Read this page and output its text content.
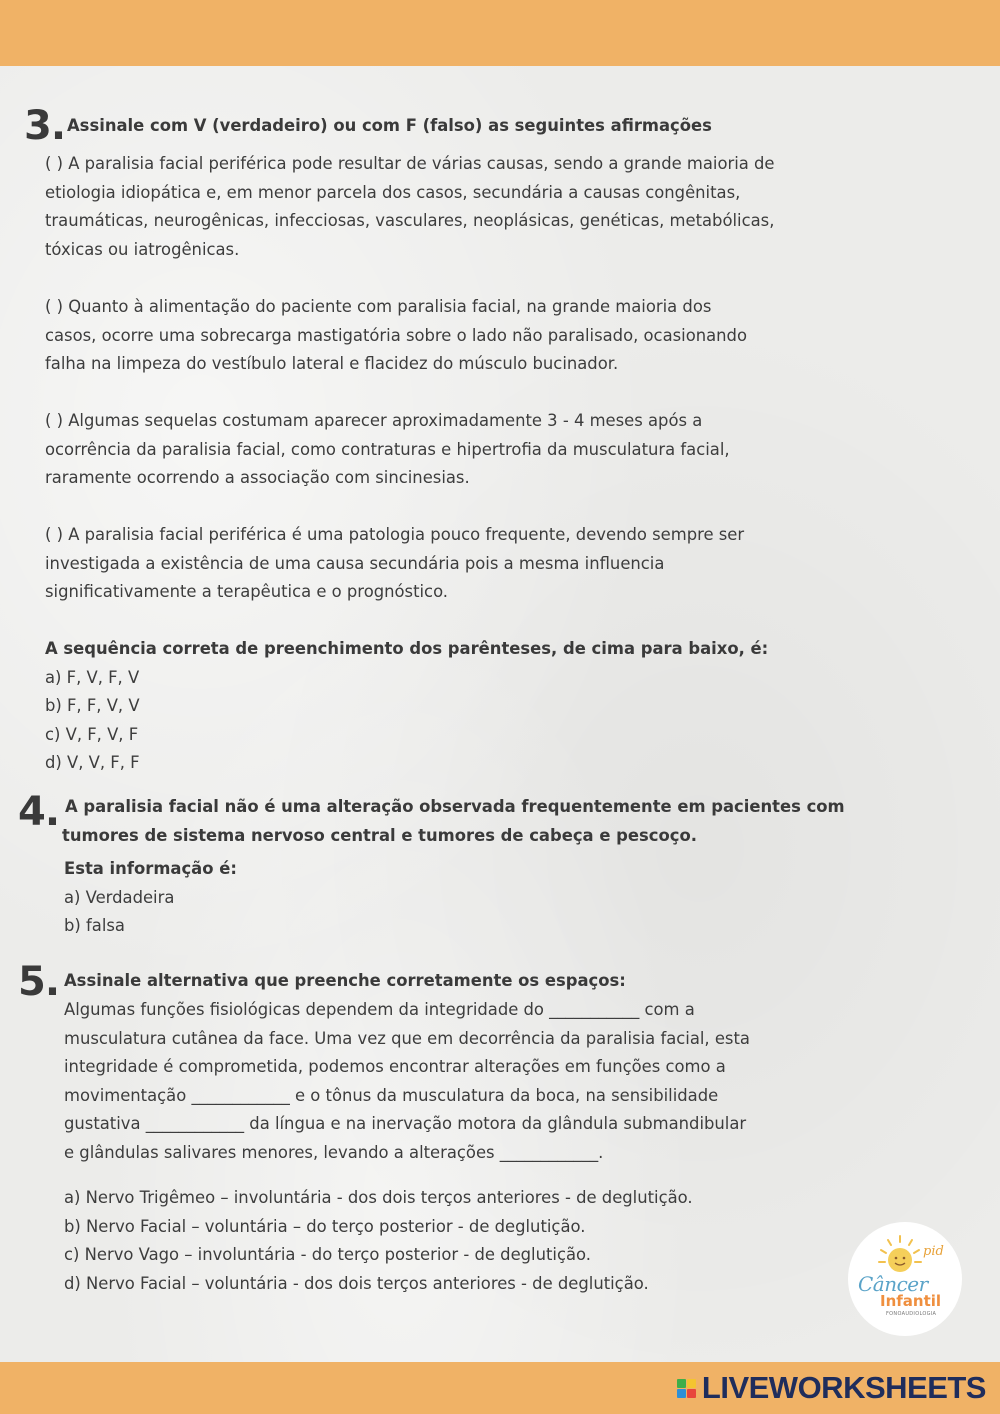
3. Assinale com V (verdadeiro) ou com F (falso) as seguintes afirmações
( ) A paralisia facial periférica pode resultar de várias causas, sendo a grande maioria de
etiologia idiopática e, em menor parcela dos casos, secundária a causas congênitas,
traumáticas, neurogênicas, infecciosas, vasculares, neoplásicas, genéticas, metabólicas,
tóxicas ou iatrogênicas.
( ) Quanto à alimentação do paciente com paralisia facial, na grande maioria dos
casos, ocorre uma sobrecarga mastigatória sobre o lado não paralisado, ocasionando
falha na limpeza do vestíbulo lateral e flacidez do músculo bucinador.
( ) Algumas sequelas costumam aparecer aproximadamente 3 - 4 meses após a
ocorrência da paralisia facial, como contraturas e hipertrofia da musculatura facial,
raramente ocorrendo a associação com sincinesias.
( ) A paralisia facial periférica é uma patologia pouco frequente, devendo sempre ser
investigada a existência de uma causa secundária pois a mesma influencia
significativamente a terapêutica e o prognóstico.
A sequência correta de preenchimento dos parênteses, de cima para baixo, é:
a) F, V, F, V
b) F, F, V, V
c) V, F, V, F
d) V, V, F, F
4. A paralisia facial não é uma alteração observada frequentemente em pacientes com
tumores de sistema nervoso central e tumores de cabeça e pescoço.
Esta informação é:
a) Verdadeira
b) falsa
5. Assinale alternativa que preenche corretamente os espaços:
Algumas funções fisiológicas dependem da integridade do ___________ com a
musculatura cutânea da face. Uma vez que em decorrência da paralisia facial, esta
integridade é comprometida, podemos encontrar alterações em funções como a
movimentação ____________ e o tônus da musculatura da boca, na sensibilidade
gustativa ____________ da língua e na inervação motora da glândula submandibular
e glândulas salivares menores, levando a alterações ____________.
a) Nervo Trigêmeo – involuntária - dos dois terços anteriores - de deglutição.
b) Nervo Facial – voluntária – do terço posterior - de deglutição.
c) Nervo Vago – involuntária - do terço posterior - de deglutição.
d) Nervo Facial – voluntária - dos dois terços anteriores - de deglutição.
pid
Câncer
Infantil
FONOAUDIOLOGIA
LIVEWORKSHEETS
